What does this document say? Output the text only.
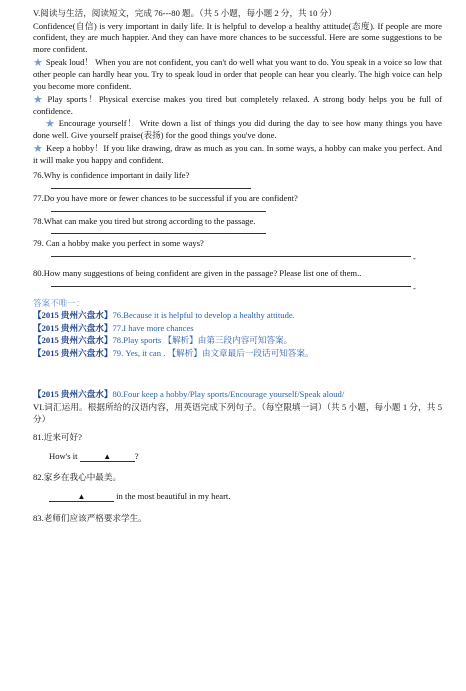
V.阅读与生活，阅读短文，完成 76---80 题。（共 5 小题，每小题 2 分，共 10 分）

Confidence(自信) is very important in daily life. It is helpful to develop a healthy attitude(态度). If people are more confident, they are much happier. And they can have more chances to be successful. Here are some suggestions to be more confident.

★ Speak loud！ When you are not confident, you can't do well what you want to do. You speak in a voice so low that other people can hardly hear you. Try to speak loud in order that people can hear you clearly. The high voice can help you become more confident.

★ Play sports！Physical exercise makes you tired but completely relaxed. A strong body helps you be full of confidence.

★ Encourage yourself！ Write down a list of things you did during the day to see how many things you have done well. Give yourself praise(表扬) for the good things you've done.

★ Keep a hobby！If you like drawing, draw as much as you can. In some ways, a hobby can make you perfect. And it will make you happy and confident.

76.Why is confidence important in daily life?

77.Do you have more or fewer chances to be successful if you are confident?

78.What can make you tired but strong according to the passage.

79. Can a hobby make you perfect in some ways?

-

80.How many suggestions of being confident are given in the passage? Please list one of them..

-

答案不唯一：

【2015 贵州六盘水】76.Because it is helpful to develop a healthy attitude.

【2015 贵州六盘水】77.I have more chances

【2015 贵州六盘水】78.Play sports 【解析】由第三段内容可知答案。

【2015 贵州六盘水】79. Yes, it can . 【解析】由文章最后一段话可知答案。

【2015 贵州六盘水】80.Four keep a hobby/Play sports/Encourage yourself/Speak aloud/

VI.词汇运用。根据所给的汉语内容，用英语完成下列句子。（每空限填一词）（共 5 小题，每小题 1 分，共 5 分）

81.近来可好?

How's it	▲	?

82.家乡在我心中最美。

▲	in the most beautiful in my heart.

83.老师们应该严格要求学生。
